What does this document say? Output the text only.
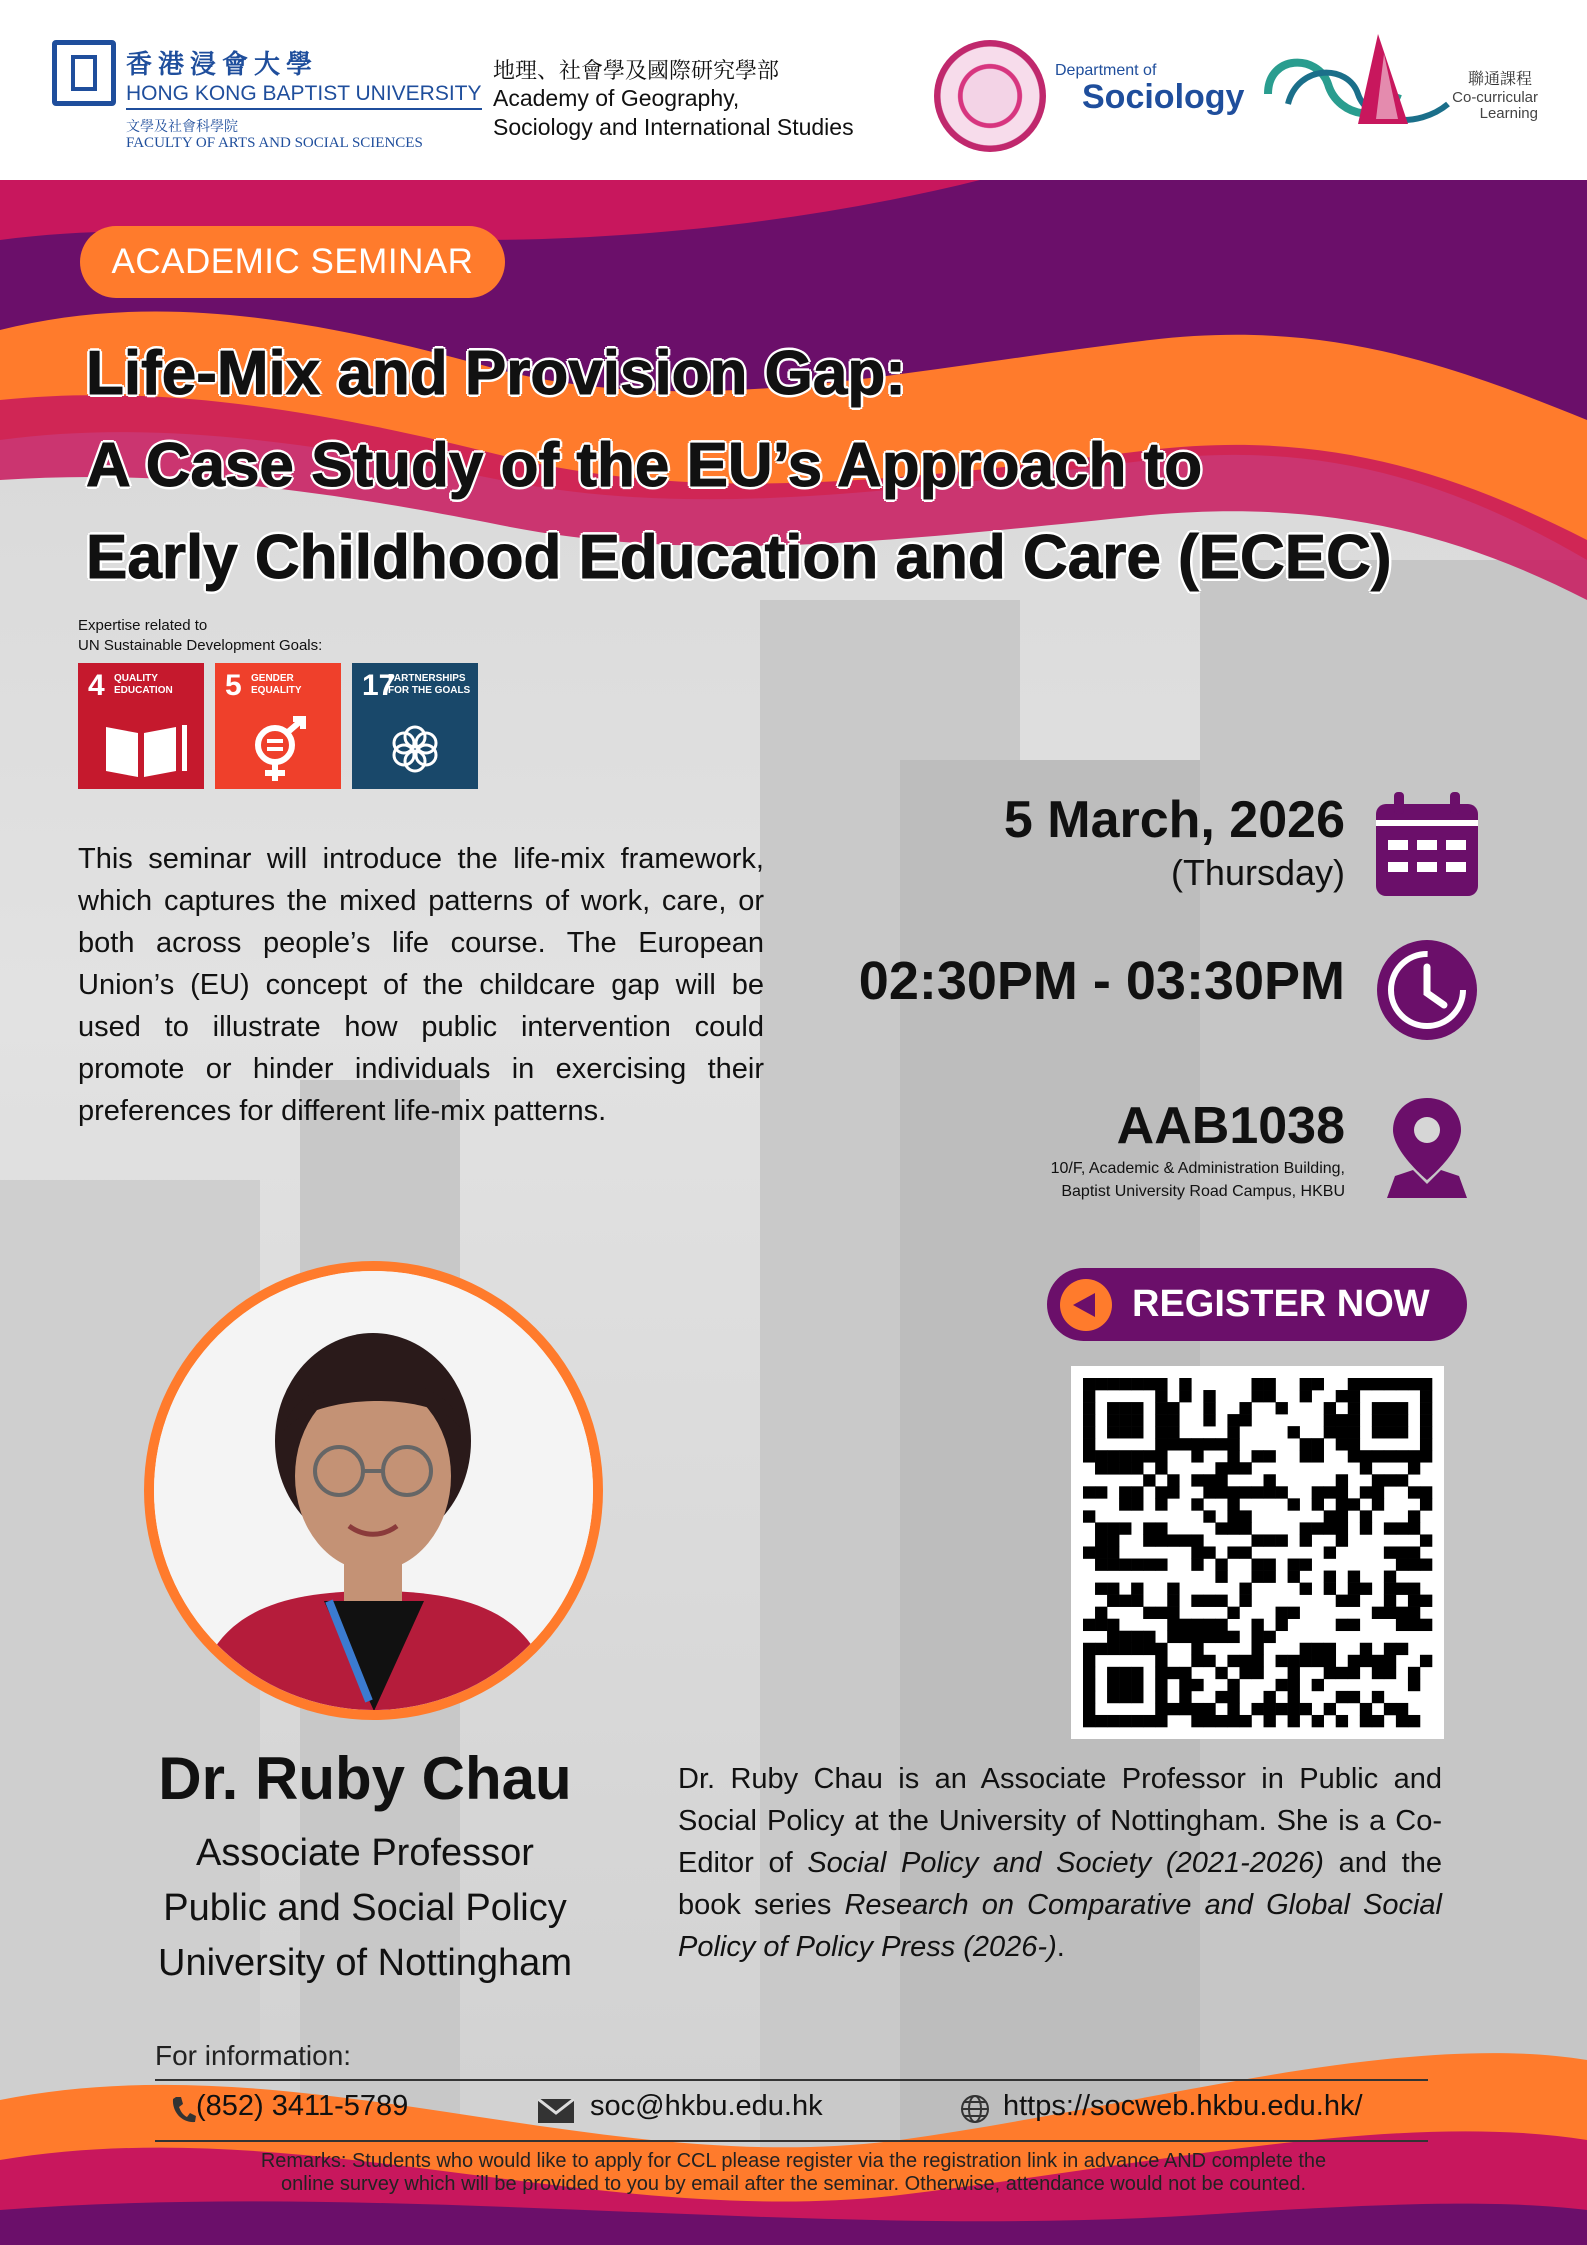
香港浸會大學
HONG KONG BAPTIST UNIVERSITY
文學及社會科學院
FACULTY OF ARTS AND SOCIAL SCIENCES
地理、社會學及國際研究學部
Academy of Geography,
Sociology and International Studies
Department of
Sociology	聯通課程
Co-curricular
Learning
ACADEMIC SEMINAR
Life-Mix and Provision Gap:
A Case Study of the EU’s Approach to
Early Childhood Education and Care (ECEC)
Expertise related to
UN Sustainable Development Goals:
4 QUALITY
EDUCATION 5 GENDER
EQUALITY 17
PARTNERSHIPS
FOR THE GOALS
This seminar will introduce the life-mix framework, which captures the mixed patterns of work, care, or both across people’s life course. The European Union’s (EU) concept of the childcare gap will be used to illustrate how public intervention could promote or hinder individuals in exercising their preferences for different life-mix patterns.
5 March, 2026
(Thursday)
02:30PM - 03:30PM
AAB1038
10/F, Academic & Administration Building,
Baptist University Road Campus, HKBU
REGISTER NOW
Dr. Ruby Chau
Associate Professor
Public and Social Policy
University of Nottingham
Dr. Ruby Chau is an Associate Professor in Public and Social Policy at the University of Nottingham. She is a Co-Editor of Social Policy and Society (2021-2026) and the book series Research on Comparative and Global Social Policy of Policy Press (2026-).
For information:
(852) 3411-5789	soc@hkbu.edu.hk	https://socweb.hkbu.edu.hk/
Remarks: Students who would like to apply for CCL please register via the registration link in advance AND complete the
online survey which will be provided to you by email after the seminar. Otherwise, attendance would not be counted.
